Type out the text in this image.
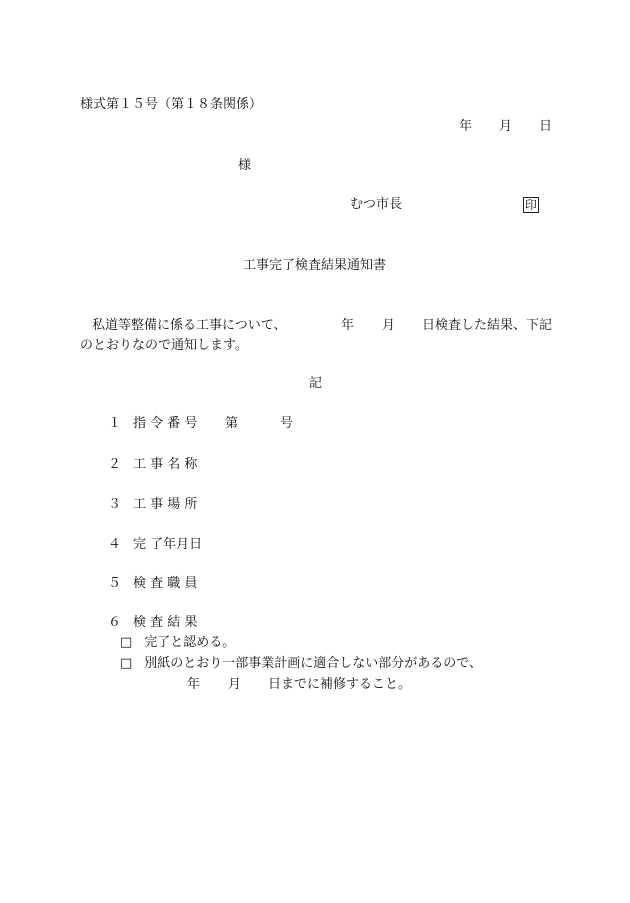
様式第１５号（第１８条関係）
年 月 日
様
むつ市長	印
工事完了検査結果通知書
私道等整備に係る工事について、	年 月 日検査した結果、下記
のとおりなので通知します。
記
１ 指 令 番 号 第	号
２ 工 事 名 称
３ 工 事 場 所
４ 完 了年月日
５ 検 査 職 員
６ 検 査 結 果
□ 完了と認める。
□ 別紙のとおり一部事業計画に適合しない部分があるので、
年 月 日までに補修すること。
